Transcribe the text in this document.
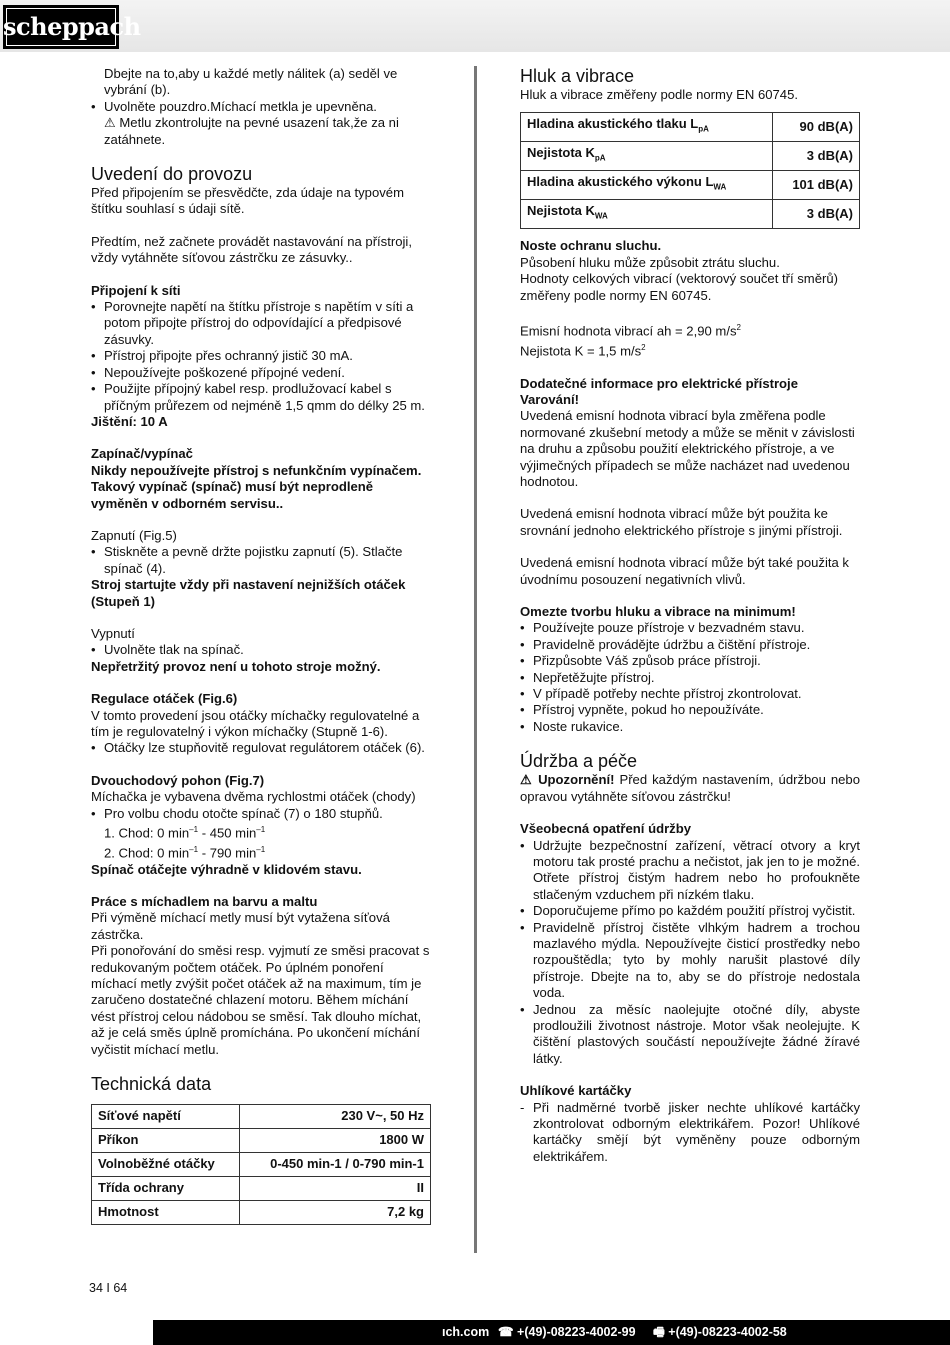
scheppach

Dbejte na to,aby u každé metly nálitek (a) seděl ve vybrání (b).

• Uvolněte pouzdro.Míchací metkla je upevněna.

⚠ Metlu zkontrolujte na pevné usazení tak,že za ni zatáhnete.

Uvedení do provozu

Před připojením se přesvědčte, zda údaje na typovém štítku souhlasí s údaji sítě.

Předtím, než začnete provádět nastavování na přístroji, vždy vytáhněte síťovou zástrčku ze zásuvky..

Připojení k síti

• Porovnejte napětí na štítku přístroje s napětím v síti a potom připojte přístroj do odpovídající a předpisové zásuvky.
• Přístroj připojte přes ochranný jistič 30 mA.
• Nepoužívejte poškozené přípojné vedení.
• Použijte přípojný kabel resp. prodlužovací kabel s příčným průřezem od nejméně 1,5 qmm do délky 25 m.

Jištění: 10 A

Zapínač/vypínač

Nikdy nepoužívejte přístroj s nefunkčním vypínačem. Takový vypínač (spínač) musí být neprodleně vyměněn v odborném servisu..

Zapnutí (Fig.5)

• Stiskněte a pevně držte pojistku zapnutí (5). Stlačte spínač (4).

Stroj startujte vždy při nastavení nejnižších otáček (Stupeň 1)

Vypnutí

• Uvolněte tlak na spínač.

Nepřetržitý provoz není u tohoto stroje možný.

Regulace otáček (Fig.6)

V tomto provedení jsou otáčky míchačky regulovatelné a tím je regulovatelný i výkon míchačky (Stupně 1-6).

• Otáčky lze stupňovitě regulovat regulátorem otáček (6).

Dvouchodový pohon (Fig.7)

Míchačka je vybavena dvěma rychlostmi otáček (chody)

• Pro volbu chodu otočte spínač (7) o 180 stupňů.

1. Chod: 0 $\min^{-1} - 450$ $\min^{-1}$

2. Chod: 0 $\min^{-1} - 790$ $\min^{-1}$

Spínač otáčejte výhradně v klidovém stavu.

Práce s míchadlem na barvu a maltu

Při výměně míchací metly musí být vytažena síťová zástrčka.

Při ponořování do směsi resp. vyjmutí ze směsi pracovat s redukovaným počtem otáček. Po úplném ponoření míchací metly zvýšit počet otáček až na maximum, tím je zaručeno dostatečné chlazení motoru. Během míchání vést přístroj celou nádobou se směsí. Tak dlouho míchat, až je celá směs úplně promíchána. Po ukončení míchání vyčistit míchací metlu.

Technická data
Síťové napětí	230 V~, 50 Hz
Příkon	1800 W
Volnoběžné otáčky	0-450 min-1 / 0-790 min-1
Třída ochrany	II
Hmotnost	7,2 kg
Hluk a vibrace

Hluk a vibrace změřeny podle normy EN 60745.

Hladina akustického tlaku $L_{pA}$	90 dB(A)
Nejistota $K_{pA}$	3 dB(A)
Hladina akustického výkonu $L_{WA}$	101 dB(A)
Nejistota $K_{WA}$	3 dB(A)

Noste ochranu sluchu.

Působení hluku může způsobit ztrátu sluchu.

Hodnoty celkových vibrací (vektorový součet tří směrů) změřeny podle normy EN 60745.

Emisní hodnota vibrací ah = 2,90 $m/s^2$

Nejistota K = 1,5 $m/s^2$

Dodatečné informace pro elektrické přístroje

Varování!

Uvedená emisní hodnota vibrací byla změřena podle normované zkušební metody a může se měnit v závislosti na druhu a způsobu použití elektrického přístroje, a ve výjimečných případech se může nacházet nad uvedenou hodnotou.

Uvedená emisní hodnota vibrací může být použita ke srovnání jednoho elektrického přístroje s jinými přístroji.

Uvedená emisní hodnota vibrací může být také použita k úvodnímu posouzení negativních vlivů.

Omezte tvorbu hluku a vibrace na minimum!

• Používejte pouze přístroje v bezvadném stavu.
• Pravidelně provádějte údržbu a čištění přístroje.
• Přizpůsobte Váš způsob práce přístroji.
• Nepřetěžujte přístroj.
• V případě potřeby nechte přístroj zkontrolovat.
• Přístroj vypněte, pokud ho nepoužíváte.
• Noste rukavice.
Údržba a péče

⚠ Upozornění! Před každým nastavením, údržbou nebo opravou vytáhněte síťovou zástrčku!

Všeobecná opatření údržby

• Udržujte bezpečnostní zařízení, větrací otvory a kryt motoru tak prosté prachu a nečistot, jak jen to je možné. Otřete přístroj čistým hadrem nebo ho profoukněte stlačeným vzduchem při nízkém tlaku.
• Doporučujeme přímo po každém použití přístroj vyčistit.
• Pravidelně přístroj čistěte vlhkým hadrem a trochou mazlavého mýdla. Nepoužívejte čisticí prostředky nebo rozpouštědla; tyto by mohly narušit plastové díly přístroje. Dbejte na to, aby se do přístroje nedostala voda.
• Jednou za měsíc naolejujte otočné díly, abyste prodloužili životnost nástroje. Motor však neolejujte. K čištění plastových součástí nepoužívejte žádné žíravé látky.

Uhlíkové kartáčky

- Při nadměrné tvorbě jisker nechte uhlíkové kartáčky zkontrolovat odborným elektrikářem. Pozor! Uhlíkové kartáčky smějí být vyměněny pouze odborným elektrikářem.
34 I 64
ıch.com ☎ +(49)-08223-4002-99 🖷 +(49)-08223-4002-58
